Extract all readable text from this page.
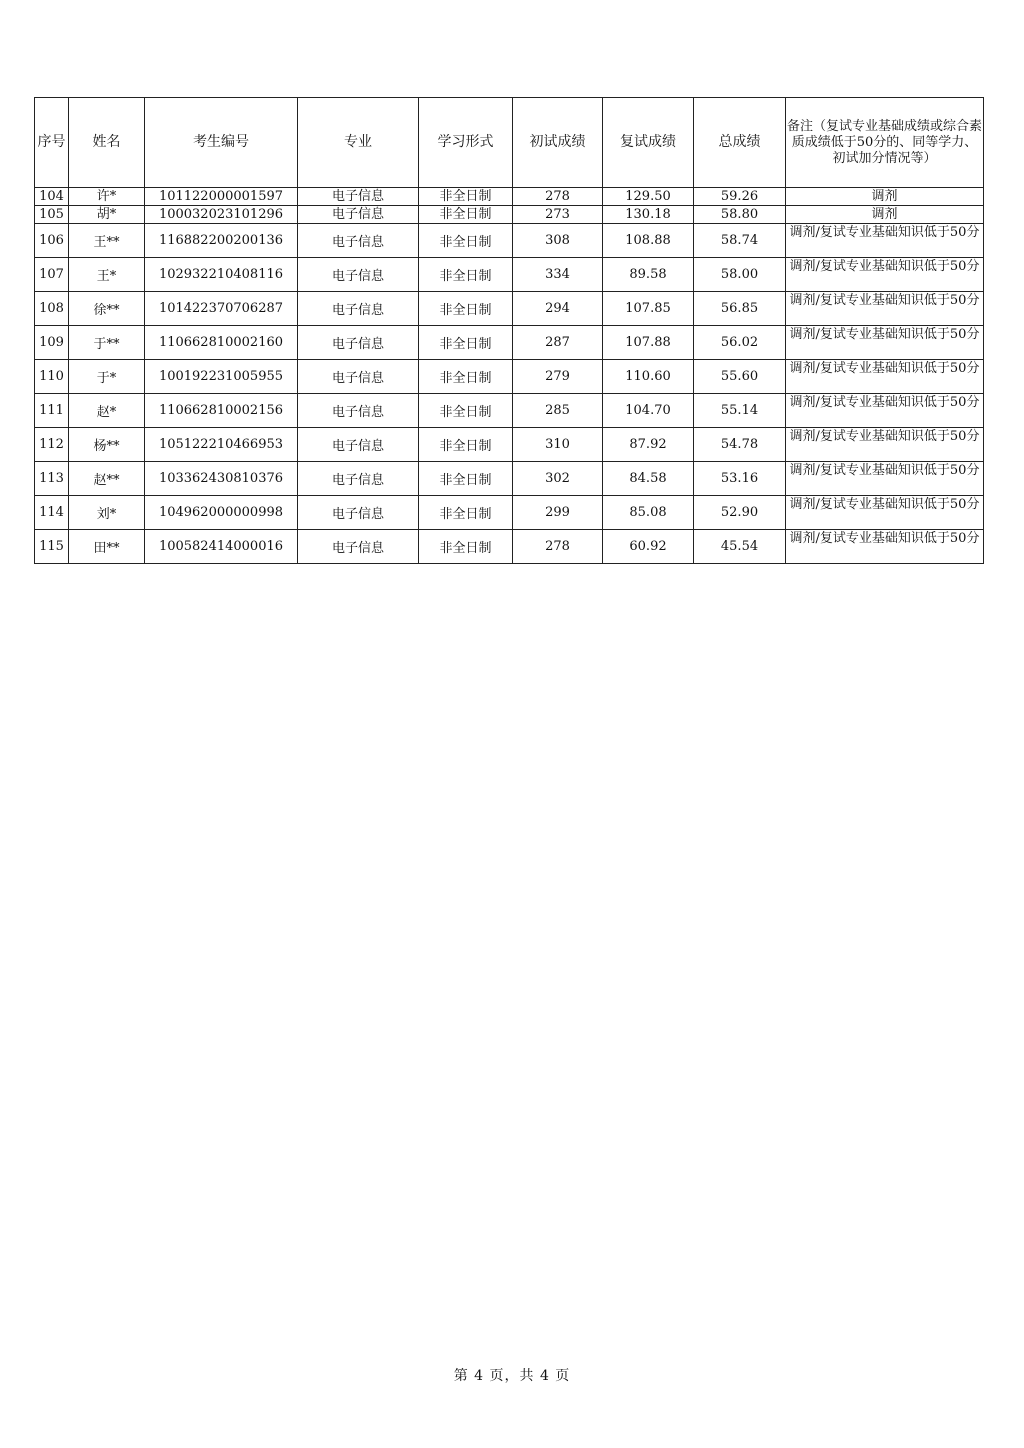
序号	姓名	考生编号	专业	学习形式	初试成绩	复试成绩	总成绩	备注（复试专业基础成绩或综合素质成绩低于50分的、同等学力、初试加分情况等）
104	许*	101122000001597	电子信息	非全日制	278	129.50	59.26	调剂

105	胡*	100032023101296	电子信息	非全日制	273	130.18	58.80	调剂

106	王**	116882200200136	电子信息	非全日制	308	108.88	58.74	调剂/复试专业基础知识低于50分

107	王*	102932210408116	电子信息	非全日制	334	89.58	58.00	调剂/复试专业基础知识低于50分

108	徐**	101422370706287	电子信息	非全日制	294	107.85	56.85	调剂/复试专业基础知识低于50分

109	于**	110662810002160	电子信息	非全日制	287	107.88	56.02	调剂/复试专业基础知识低于50分

110	于*	100192231005955	电子信息	非全日制	279	110.60	55.60	调剂/复试专业基础知识低于50分

111	赵*	110662810002156	电子信息	非全日制	285	104.70	55.14	调剂/复试专业基础知识低于50分

112	杨**	105122210466953	电子信息	非全日制	310	87.92	54.78	调剂/复试专业基础知识低于50分

113	赵**	103362430810376	电子信息	非全日制	302	84.58	53.16	调剂/复试专业基础知识低于50分

114	刘*	104962000000998	电子信息	非全日制	299	85.08	52.90	调剂/复试专业基础知识低于50分

115	田**	100582414000016	电子信息	非全日制	278	60.92	45.54	调剂/复试专业基础知识低于50分
第 4 页，共 4 页
